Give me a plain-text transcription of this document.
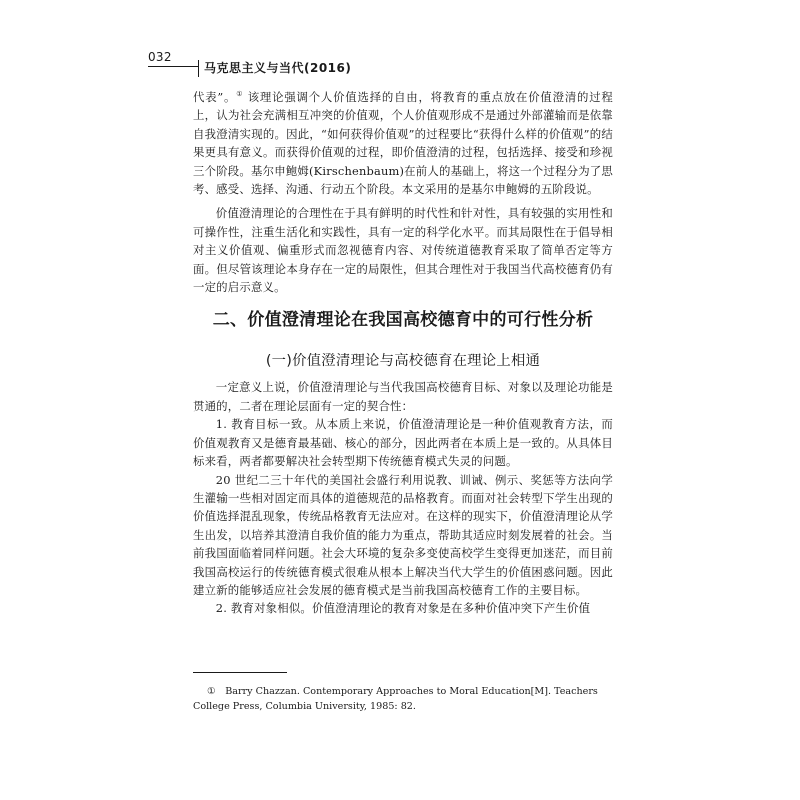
032
马克思主义与当代(2016)

代表”。① 该理论强调个人价值选择的自由，将教育的重点放在价值澄清的过程上，认为社会充满相互冲突的价值观，个人价值观形成不是通过外部灌输而是依靠自我澄清实现的。因此，“如何获得价值观”的过程要比“获得什么样的价值观”的结果更具有意义。而获得价值观的过程，即价值澄清的过程，包括选择、接受和珍视三个阶段。基尔申鲍姆(Kirschenbaum)在前人的基础上，将这一个过程分为了思考、感受、选择、沟通、行动五个阶段。本文采用的是基尔申鲍姆的五阶段说。

价值澄清理论的合理性在于具有鲜明的时代性和针对性，具有较强的实用性和可操作性，注重生活化和实践性，具有一定的科学化水平。而其局限性在于倡导相对主义价值观、偏重形式而忽视德育内容、对传统道德教育采取了简单否定等方面。但尽管该理论本身存在一定的局限性，但其合理性对于我国当代高校德育仍有一定的启示意义。

二、价值澄清理论在我国高校德育中的可行性分析
(一)价值澄清理论与高校德育在理论上相通

一定意义上说，价值澄清理论与当代我国高校德育目标、对象以及理论功能是贯通的，二者在理论层面有一定的契合性：

1. 教育目标一致。从本质上来说，价值澄清理论是一种价值观教育方法，而价值观教育又是德育最基础、核心的部分，因此两者在本质上是一致的。从具体目标来看，两者都要解决社会转型期下传统德育模式失灵的问题。

20 世纪二三十年代的美国社会盛行利用说教、训诫、例示、奖惩等方法向学生灌输一些相对固定而具体的道德规范的品格教育。而面对社会转型下学生出现的价值选择混乱现象，传统品格教育无法应对。在这样的现实下，价值澄清理论从学生出发，以培养其澄清自我价值的能力为重点，帮助其适应时刻发展着的社会。当前我国面临着同样问题。社会大环境的复杂多变使高校学生变得更加迷茫，而目前我国高校运行的传统德育模式很难从根本上解决当代大学生的价值困惑问题。因此建立新的能够适应社会发展的德育模式是当前我国高校德育工作的主要目标。

2. 教育对象相似。价值澄清理论的教育对象是在多种价值冲突下产生价值

①　Barry Chazzan. Contemporary Approaches to Moral Education[M]. Teachers College Press, Columbia University, 1985: 82.
